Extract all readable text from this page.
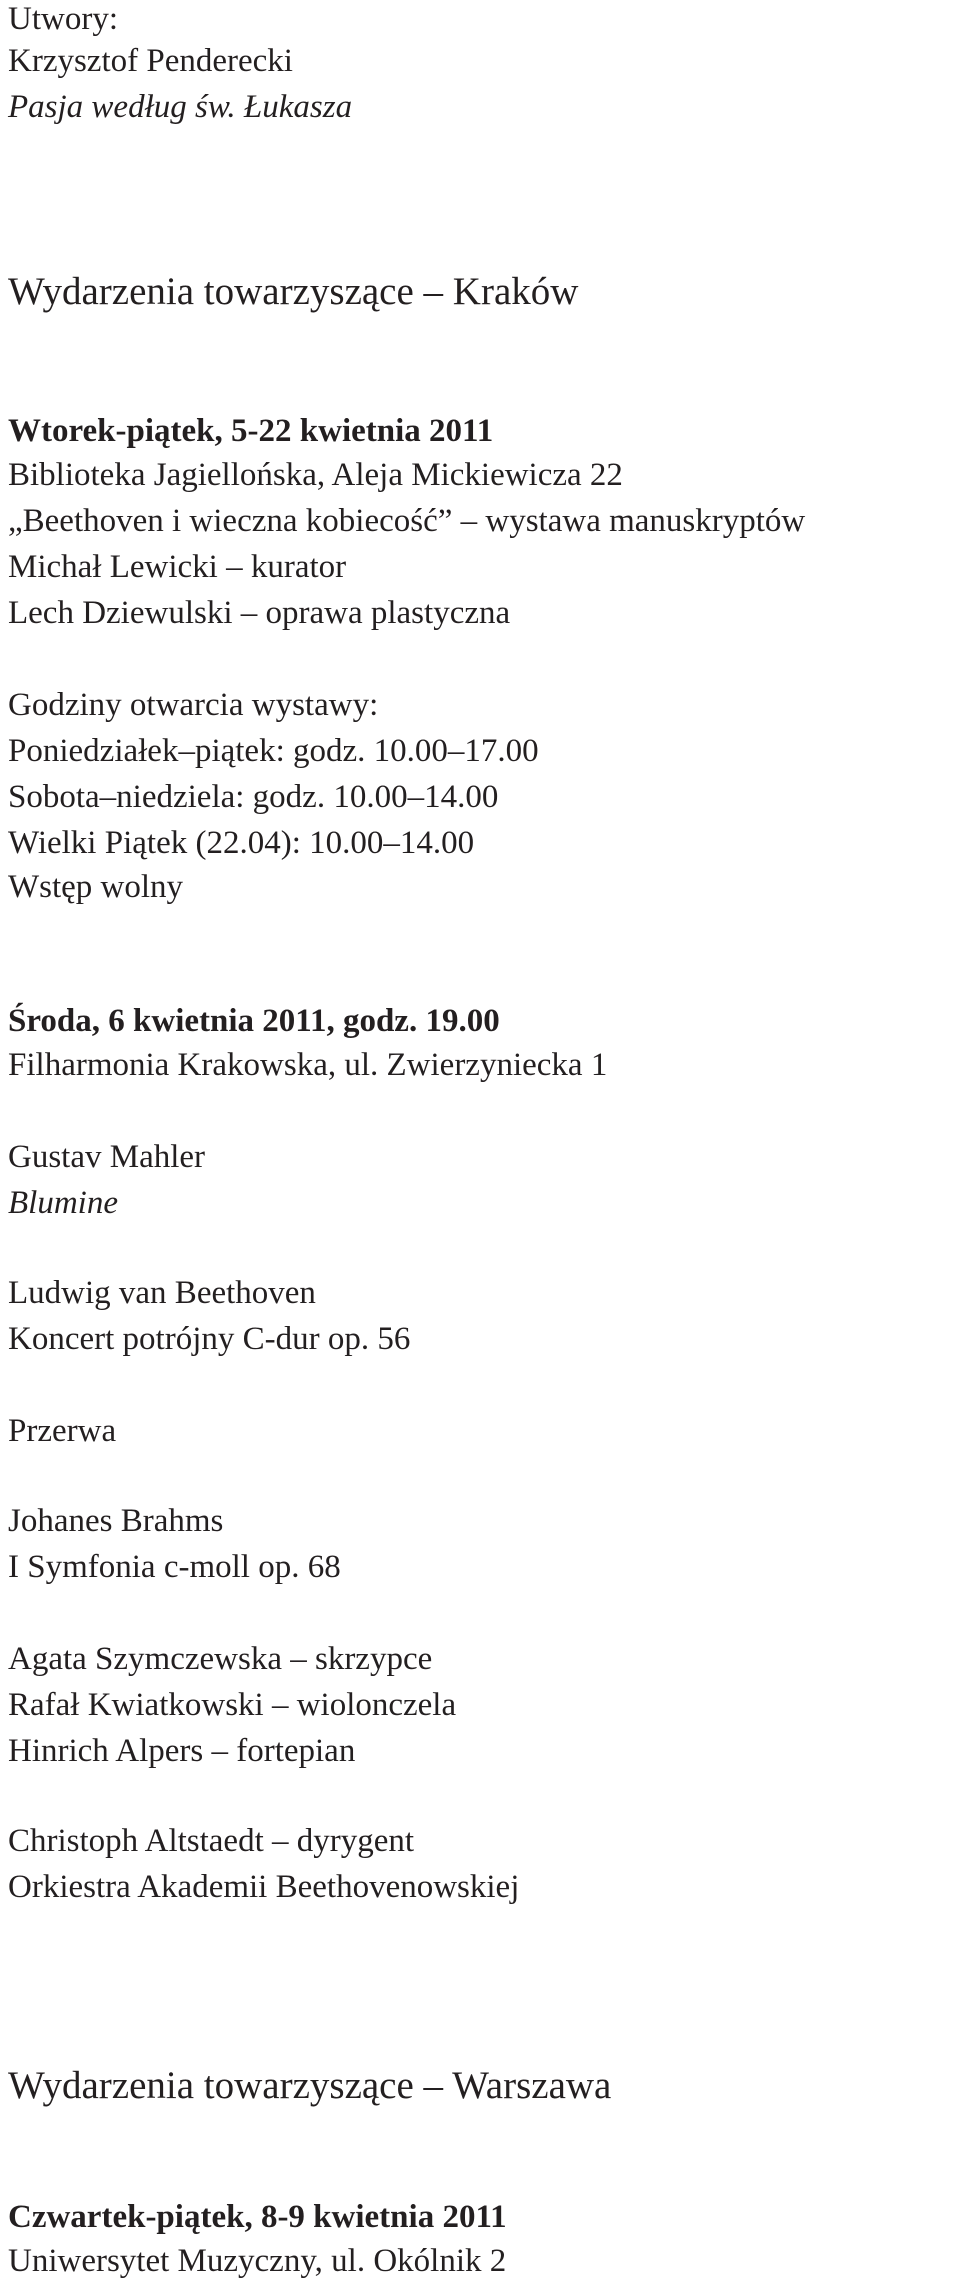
Utwory:

Krzysztof Penderecki

Pasja według św. Łukasza

Wydarzenia towarzyszące – Kraków

Wtorek-piątek, 5-22 kwietnia 2011

Biblioteka Jagiellońska, Aleja Mickiewicza 22

„Beethoven i wieczna kobiecość” – wystawa manuskryptów

Michał Lewicki – kurator

Lech Dziewulski – oprawa plastyczna

Godziny otwarcia wystawy:

Poniedziałek–piątek: godz. 10.00–17.00

Sobota–niedziela: godz. 10.00–14.00

Wielki Piątek (22.04): 10.00–14.00

Wstęp wolny

Środa, 6 kwietnia 2011, godz. 19.00

Filharmonia Krakowska, ul. Zwierzyniecka 1

Gustav Mahler

Blumine

Ludwig van Beethoven

Koncert potrójny C-dur op. 56

Przerwa

Johanes Brahms

I Symfonia c-moll op. 68

Agata Szymczewska – skrzypce

Rafał Kwiatkowski – wiolonczela

Hinrich Alpers – fortepian

Christoph Altstaedt – dyrygent

Orkiestra Akademii Beethovenowskiej

Wydarzenia towarzyszące – Warszawa

Czwartek-piątek, 8-9 kwietnia 2011

Uniwersytet Muzyczny, ul. Okólnik 2
